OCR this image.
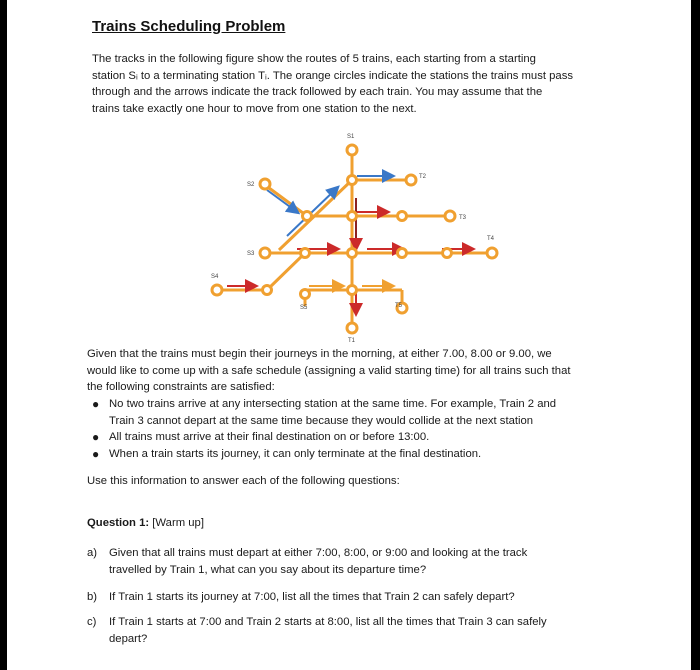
Trains Scheduling Problem
The tracks in the following figure show the routes of 5 trains, each starting from a starting
station Sᵢ to a terminating station Tᵢ. The orange circles indicate the stations the trains must pass
through and the arrows indicate the track followed by each train. You may assume that the
trains take exactly one hour to move from one station to the next.
S1
T2
S2
T3
T4
S3
S4
S5	T5
T1
Given that the trains must begin their journeys in the morning, at either 7.00, 8.00 or 9.00, we
would like to come up with a safe schedule (assigning a valid starting time) for all trains such that
the following constraints are satisfied:
● No two trains arrive at any intersecting station at the same time. For example, Train 2 and
Train 3 cannot depart at the same time because they would collide at the next station
● All trains must arrive at their final destination on or before 13:00.
● When a train starts its journey, it can only terminate at the final destination.
Use this information to answer each of the following questions:
Question 1: [Warm up]
a) Given that all trains must depart at either 7:00, 8:00, or 9:00 and looking at the track
travelled by Train 1, what can you say about its departure time?
b) If Train 1 starts its journey at 7:00, list all the times that Train 2 can safely depart?
c) If Train 1 starts at 7:00 and Train 2 starts at 8:00, list all the times that Train 3 can safely
depart?
